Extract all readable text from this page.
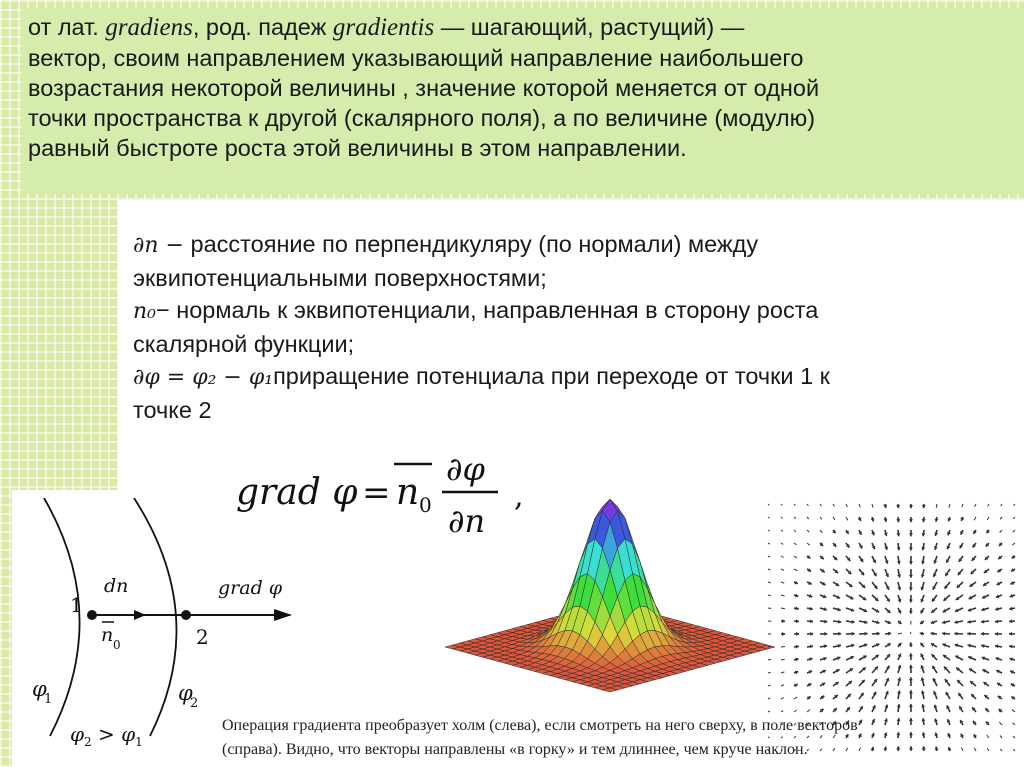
от лат. gradiens, род. падеж gradientis — шагающий, растущий) —

вектор, своим направлением указывающий направление наибольшего

возрастания некоторой величины , значение которой меняется от одной

точки пространства к другой (скалярного поля), а по величине (модулю)

равный быстроте роста этой величины в этом направлении.

∂n − расстояние по перпендикуляру (по нормали) между

эквипотенциальными поверхностями;

n₀− нормаль к эквипотенциали, направленная в сторону роста

скалярной функции;

∂φ = φ₂ − φ₁приращение потенциала при переходе от точки 1 к

точке 2

grad φ = n 0
∂φ
∂n
,
1
2
dn
n 0
grad φ
φ
1	φ
2
$\varphi_2 > \varphi_1$

Операция градиента преобразует холм (слева), если смотреть на него сверху, в поле векторов

(справа). Видно, что векторы направлены «в горку» и тем длиннее, чем круче наклон.
